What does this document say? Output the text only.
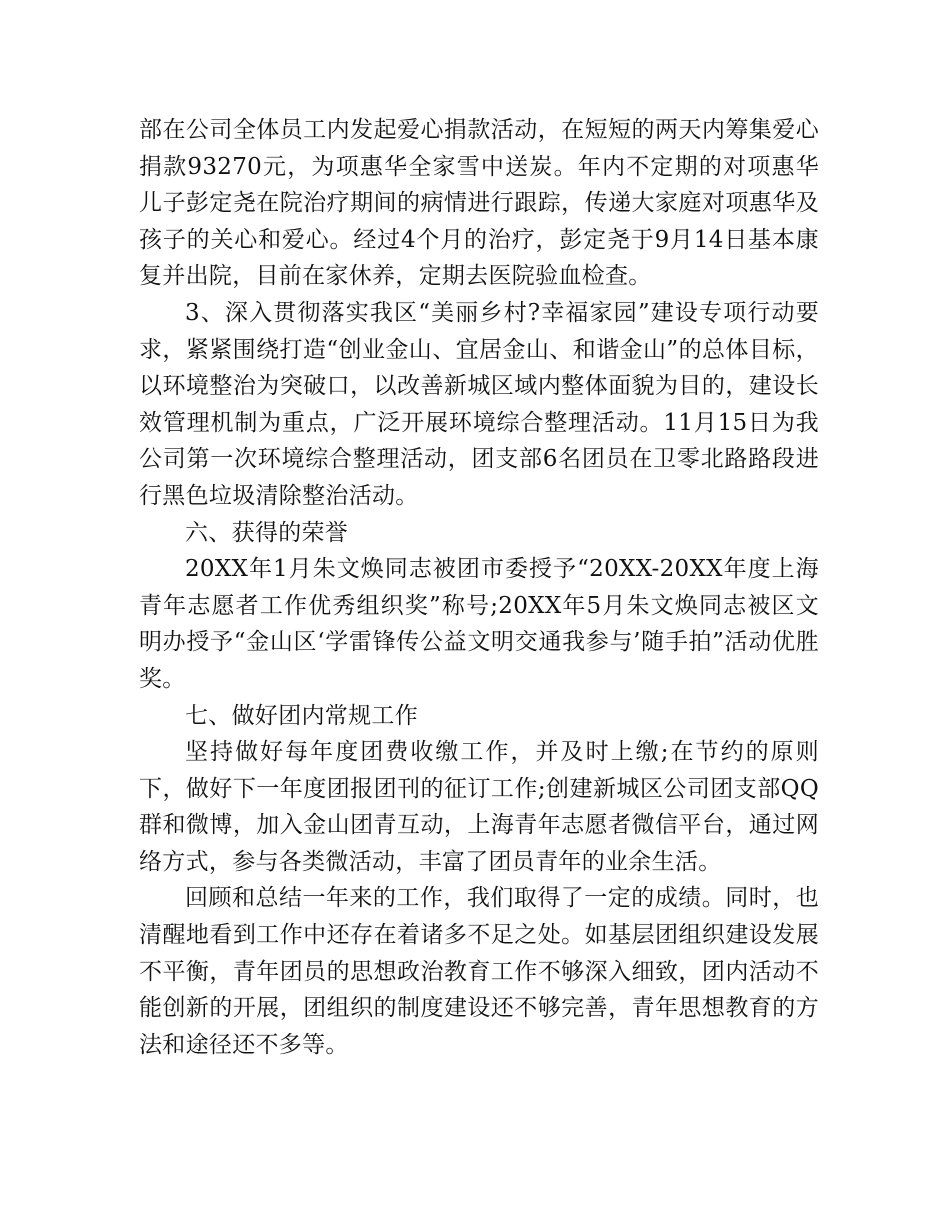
部在公司全体员工内发起爱心捐款活动，在短短的两天内筹集爱心捐款93270元，为项惠华全家雪中送炭。年内不定期的对项惠华儿子彭定尧在院治疗期间的病情进行跟踪，传递大家庭对项惠华及孩子的关心和爱心。经过4个月的治疗，彭定尧于9月14日基本康复并出院，目前在家休养，定期去医院验血检查。

3、深入贯彻落实我区“美丽乡村?幸福家园”建设专项行动要求，紧紧围绕打造“创业金山、宜居金山、和谐金山”的总体目标，以环境整治为突破口，以改善新城区域内整体面貌为目的，建设长效管理机制为重点，广泛开展环境综合整理活动。11月15日为我公司第一次环境综合整理活动，团支部6名团员在卫零北路路段进行黑色垃圾清除整治活动。

六、获得的荣誉

20XX年1月朱文焕同志被团市委授予“20XX-20XX年度上海青年志愿者工作优秀组织奖”称号;20XX年5月朱文焕同志被区文明办授予“金山区‘学雷锋传公益文明交通我参与’随手拍”活动优胜奖。

七、做好团内常规工作

坚持做好每年度团费收缴工作，并及时上缴;在节约的原则下，做好下一年度团报团刊的征订工作;创建新城区公司团支部QQ群和微博，加入金山团青互动，上海青年志愿者微信平台，通过网络方式，参与各类微活动，丰富了团员青年的业余生活。

回顾和总结一年来的工作，我们取得了一定的成绩。同时，也清醒地看到工作中还存在着诸多不足之处。如基层团组织建设发展不平衡，青年团员的思想政治教育工作不够深入细致，团内活动不能创新的开展，团组织的制度建设还不够完善，青年思想教育的方法和途径还不多等。
